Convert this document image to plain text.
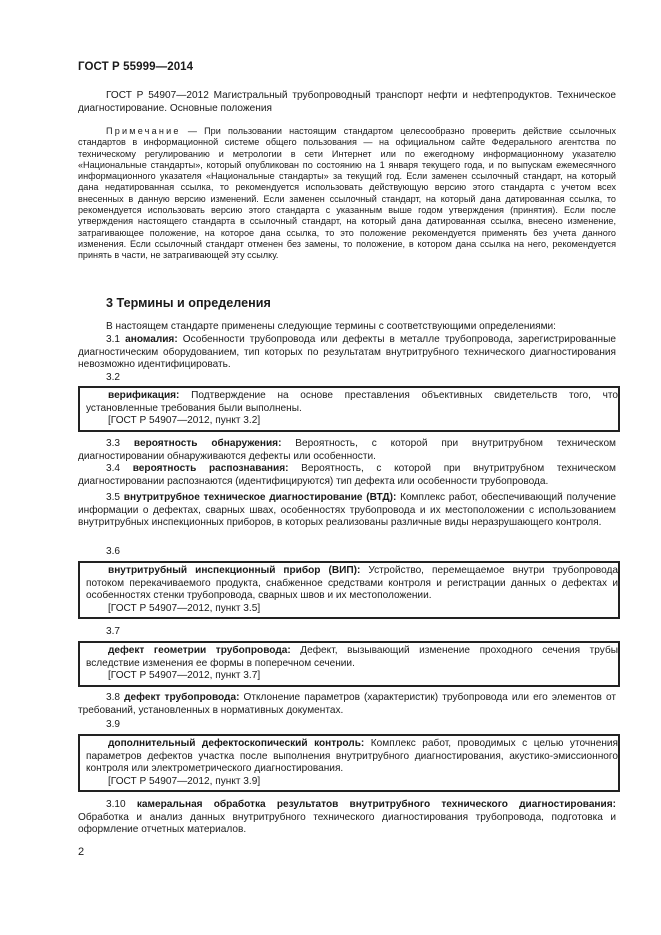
ГОСТ Р 55999—2014

ГОСТ Р 54907—2012 Магистральный трубопроводный транспорт нефти и нефтепродуктов. Техническое диагностирование. Основные положения

Примечание — При пользовании настоящим стандартом целесообразно проверить действие ссылочных стандартов в информационной системе общего пользования — на официальном сайте Федерального агентства по техническому регулированию и метрологии в сети Интернет или по ежегодному информационному указателю «Национальные стандарты», который опубликован по состоянию на 1 января текущего года, и по выпускам ежемесячного информационного указателя «Национальные стандарты» за текущий год. Если заменен ссылочный стандарт, на который дана недатированная ссылка, то рекомендуется использовать действующую версию этого стандарта с учетом всех внесенных в данную версию изменений. Если заменен ссылочный стандарт, на который дана датированная ссылка, то рекомендуется использовать версию этого стандарта с указанным выше годом утверждения (принятия). Если после утверждения настоящего стандарта в ссылочный стандарт, на который дана датированная ссылка, внесено изменение, затрагивающее положение, на которое дана ссылка, то это положение рекомендуется применять без учета данного изменения. Если ссылочный стандарт отменен без замены, то положение, в котором дана ссылка на него, рекомендуется принять в части, не затрагивающей эту ссылку.

3 Термины и определения

В настоящем стандарте применены следующие термины с соответствующими определениями:

3.1 аномалия: Особенности трубопровода или дефекты в металле трубопровода, зарегистрированные диагностическим оборудованием, тип которых по результатам внутритрубного технического диагностирования невозможно идентифицировать.

3.2

верификация: Подтверждение на основе преставления объективных свидетельств того, что установленные требования были выполнены.

[ГОСТ Р 54907—2012, пункт 3.2]

3.3 вероятность обнаружения: Вероятность, с которой при внутритрубном техническом диагностировании обнаруживаются дефекты или особенности.

3.4 вероятность распознавания: Вероятность, с которой при внутритрубном техническом диагностировании распознаются (идентифицируются) тип дефекта или особенности трубопровода.

3.5 внутритрубное техническое диагностирование (ВТД): Комплекс работ, обеспечивающий получение информации о дефектах, сварных швах, особенностях трубопровода и их местоположении с использованием внутритрубных инспекционных приборов, в которых реализованы различные виды неразрушающего контроля.

3.6

внутритрубный инспекционный прибор (ВИП): Устройство, перемещаемое внутри трубопровода потоком перекачиваемого продукта, снабженное средствами контроля и регистрации данных о дефектах и особенностях стенки трубопровода, сварных швов и их местоположении.

[ГОСТ Р 54907—2012, пункт 3.5]

3.7

дефект геометрии трубопровода: Дефект, вызывающий изменение проходного сечения трубы вследствие изменения ее формы в поперечном сечении.

[ГОСТ Р 54907—2012, пункт 3.7]

3.8 дефект трубопровода: Отклонение параметров (характеристик) трубопровода или его элементов от требований, установленных в нормативных документах.

3.9

дополнительный дефектоскопический контроль: Комплекс работ, проводимых с целью уточнения параметров дефектов участка после выполнения внутритрубного диагностирования, акустико-эмиссионного контроля или электрометрического диагностирования.

[ГОСТ Р 54907—2012, пункт 3.9]

3.10 камеральная обработка результатов внутритрубного технического диагностирования: Обработка и анализ данных внутритрубного технического диагностирования трубопровода, подготовка и оформление отчетных материалов.

2
